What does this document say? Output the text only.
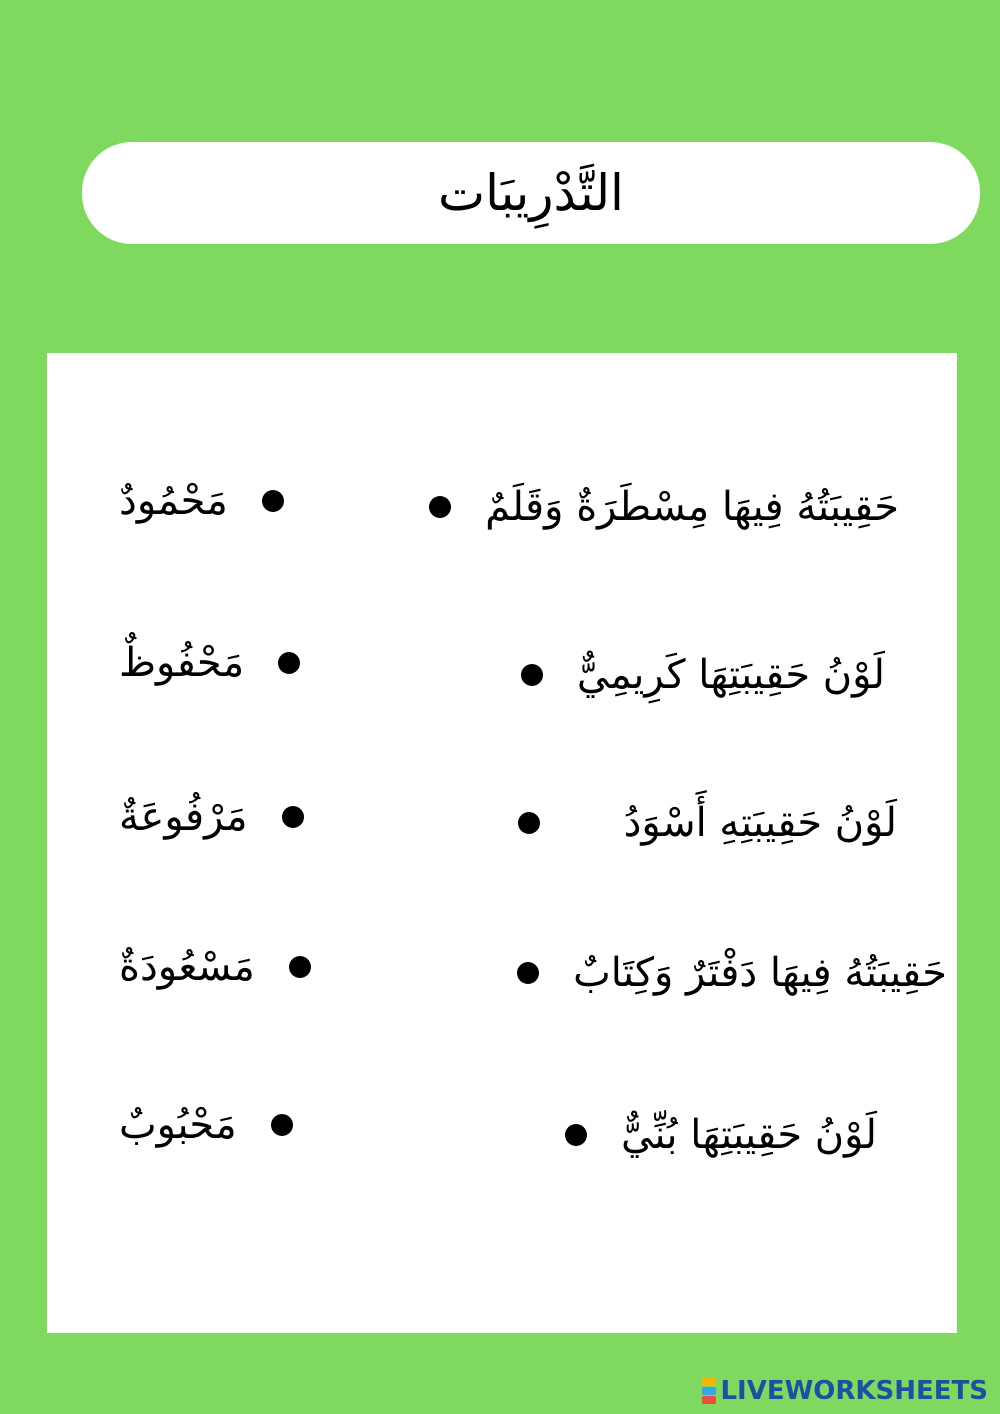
التَّدْرِيبَات
حَقِيبَتُهُ فِيهَا مِسْطَرَةٌ وَقَلَمٌ
لَوْنُ حَقِيبَتِهَا كَرِيمِيٌّ
لَوْنُ حَقِيبَتِهِ أَسْوَدُ
حَقِيبَتُهُ فِيهَا دَفْتَرٌ وَكِتَابٌ
لَوْنُ حَقِيبَتِهَا بُنِّيٌّ
مَحْمُودٌ
مَحْفُوظٌ
مَرْفُوعَةٌ
مَسْعُودَةٌ
مَحْبُوبٌ
LIVEWORKSHEETS
